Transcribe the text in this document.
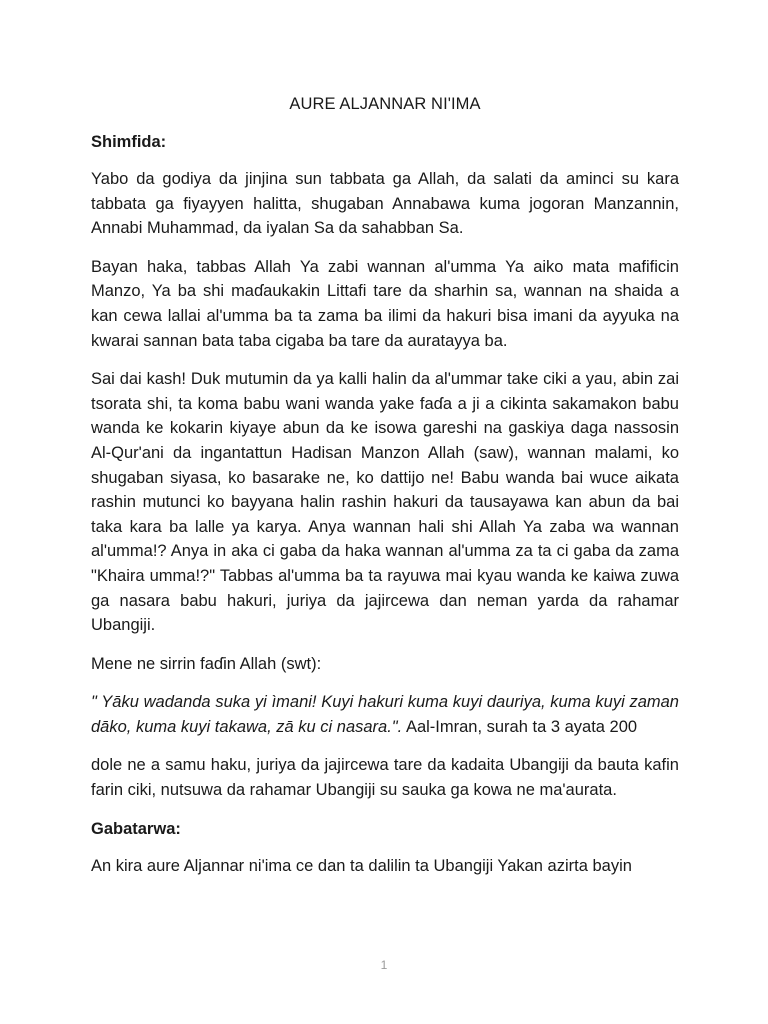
AURE ALJANNAR NI'IMA
Shimfida:

Yabo da godiya da jinjina sun tabbata ga Allah, da salati da aminci su kara tabbata ga fiyayyen halitta, shugaban Annabawa kuma jogoran Manzannin, Annabi Muhammad, da iyalan Sa da sahabban Sa.

Bayan haka, tabbas Allah Ya zabi wannan al'umma Ya aiko mata mafificin Manzo, Ya ba shi maɗaukakin Littafi tare da sharhin sa, wannan na shaida a kan cewa lallai al'umma ba ta zama ba ilimi da hakuri bisa imani da ayyuka na kwarai sannan bata taba cigaba ba tare da auratayya ba.

Sai dai kash! Duk mutumin da ya kalli halin da al'ummar take ciki a yau, abin zai tsorata shi, ta koma babu wani wanda yake faɗa a ji a cikinta sakamakon babu wanda ke kokarin kiyaye abun da ke isowa gareshi na gaskiya daga nassosin Al-Qur'ani da ingantattun Hadisan Manzon Allah (saw), wannan malami, ko shugaban siyasa, ko basarake ne, ko dattijo ne! Babu wanda bai wuce aikata rashin mutunci ko bayyana halin rashin hakuri da tausayawa kan abun da bai taka kara ba lalle ya karya. Anya wannan hali shi Allah Ya zaba wa wannan al'umma!? Anya in aka ci gaba da haka wannan al'umma za ta ci gaba da zama "Khaira umma!?" Tabbas al'umma ba ta rayuwa mai kyau wanda ke kaiwa zuwa ga nasara babu hakuri, juriya da jajircewa dan neman yarda da rahamar Ubangiji.

Mene ne sirrin faɗin Allah (swt):

" Yāku wadanda suka yi ìmani! Kuyi hakuri kuma kuyi dauriya, kuma kuyi zaman dāko, kuma kuyi takawa, zā ku ci nasara.". Aal-Imran, surah ta 3 ayata 200

dole ne a samu haku, juriya da jajircewa tare da kadaita Ubangiji da bauta kafin farin ciki, nutsuwa da rahamar Ubangiji su sauka ga kowa ne ma'aurata.

Gabatarwa:

An kira aure Aljannar ni'ima ce dan ta dalilin ta Ubangiji Yakan azirta bayin

1
